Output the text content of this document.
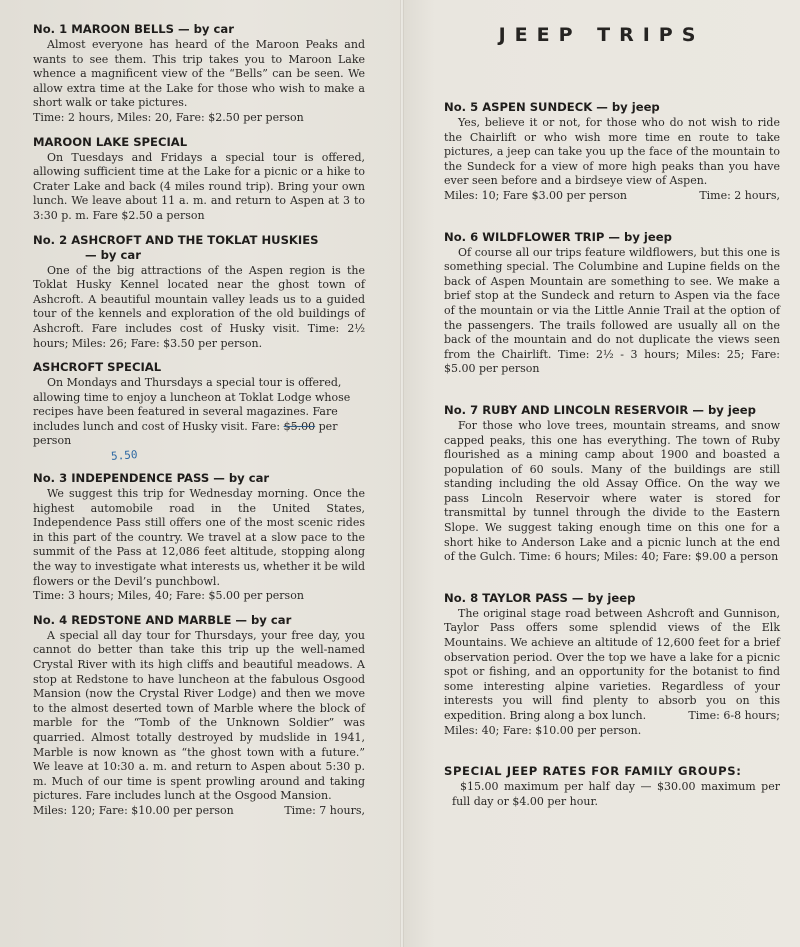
No. 1 MAROON BELLS — by car

Almost everyone has heard of the Maroon Peaks and wants to see them. This trip takes you to Maroon Lake whence a magnificent view of the “Bells” can be seen. We allow extra time at the Lake for those who wish to make a short walk or take pictures.
Time: 2 hours, Miles: 20, Fare: $2.50 per person

MAROON LAKE SPECIAL

On Tuesdays and Fridays a special tour is offered, allowing sufficient time at the Lake for a picnic or a hike to Crater Lake and back (4 miles round trip). Bring your own lunch. We leave about 11 a. m. and return to Aspen at 3 to 3:30 p. m. Fare $2.50 a person

No. 2 ASHCROFT AND THE TOKLAT HUSKIES
— by car

One of the big attractions of the Aspen region is the Toklat Husky Kennel located near the ghost town of Ashcroft. A beautiful mountain valley leads us to a guided tour of the kennels and exploration of the old buildings of Ashcroft. Fare includes cost of Husky visit. Time: 2½ hours; Miles: 26; Fare: $3.50 per person.

ASHCROFT SPECIAL

On Mondays and Thursdays a special tour is offered, allowing time to enjoy a luncheon at Toklat Lodge whose recipes have been featured in several magazines. Fare includes lunch and cost of Husky visit. Fare: $5.00 per person
5.50

No. 3 INDEPENDENCE PASS — by car

We suggest this trip for Wednesday morning. Once the highest automobile road in the United States, Independence Pass still offers one of the most scenic rides in this part of the country. We travel at a slow pace to the summit of the Pass at 12,086 feet altitude, stopping along the way to investigate what interests us, whether it be wild flowers or the Devil’s punchbowl.
Time: 3 hours; Miles, 40; Fare: $5.00 per person

No. 4 REDSTONE AND MARBLE — by car

A special all day tour for Thursdays, your free day, you cannot do better than take this trip up the well-named Crystal River with its high cliffs and beautiful meadows. A stop at Redstone to have luncheon at the fabulous Osgood Mansion (now the Crystal River Lodge) and then we move to the almost deserted town of Marble where the block of marble for the “Tomb of the Unknown Soldier” was quarried. Almost totally destroyed by mudslide in 1941, Marble is now known as “the ghost town with a future.” We leave at 10:30 a. m. and return to Aspen about 5:30 p. m. Much of our time is spent prowling around and taking pictures. Fare includes lunch at the Osgood Mansion.
Time: 7 hours,
Miles: 120; Fare: $10.00 per person

JEEP TRIPS
No. 5 ASPEN SUNDECK — by jeep

Yes, believe it or not, for those who do not wish to ride the Chairlift or who wish more time en route to take pictures, a jeep can take you up the face of the mountain to the Sundeck for a view of more high peaks than you have ever seen before and a birdseye view of Aspen.
Time: 2 hours,
Miles: 10; Fare $3.00 per person

No. 6 WILDFLOWER TRIP — by jeep

Of course all our trips feature wildflowers, but this one is something special. The Columbine and Lupine fields on the back of Aspen Mountain are something to see. We make a brief stop at the Sundeck and return to Aspen via the face of the mountain or via the Little Annie Trail at the option of the passengers. The trails followed are usually all on the back of the mountain and do not duplicate the views seen from the Chairlift. Time: 2½ - 3 hours; Miles: 25; Fare: $5.00 per person

No. 7 RUBY AND LINCOLN RESERVOIR — by jeep

For those who love trees, mountain streams, and snow capped peaks, this one has everything. The town of Ruby flourished as a mining camp about 1900 and boasted a population of 60 souls. Many of the buildings are still standing including the old Assay Office. On the way we pass Lincoln Reservoir where water is stored for transmittal by tunnel through the divide to the Eastern Slope. We suggest taking enough time on this one for a short hike to Anderson Lake and a picnic lunch at the end of the Gulch. Time: 6 hours; Miles: 40; Fare: $9.00 a person

No. 8 TAYLOR PASS — by jeep

The original stage road between Ashcroft and Gunnison, Taylor Pass offers some splendid views of the Elk Mountains. We achieve an altitude of 12,600 feet for a brief observation period. Over the top we have a lake for a picnic spot or fishing, and an opportunity for the botanist to find some interesting alpine varieties. Regardless of your interests you will find plenty to absorb you on this expedition. Bring along a box lunch.	Time: 6-8 hours;
Miles: 40; Fare: $10.00 per person.

SPECIAL JEEP RATES FOR FAMILY GROUPS:

$15.00 maximum per half day — $30.00 maximum per full day or $4.00 per hour.
